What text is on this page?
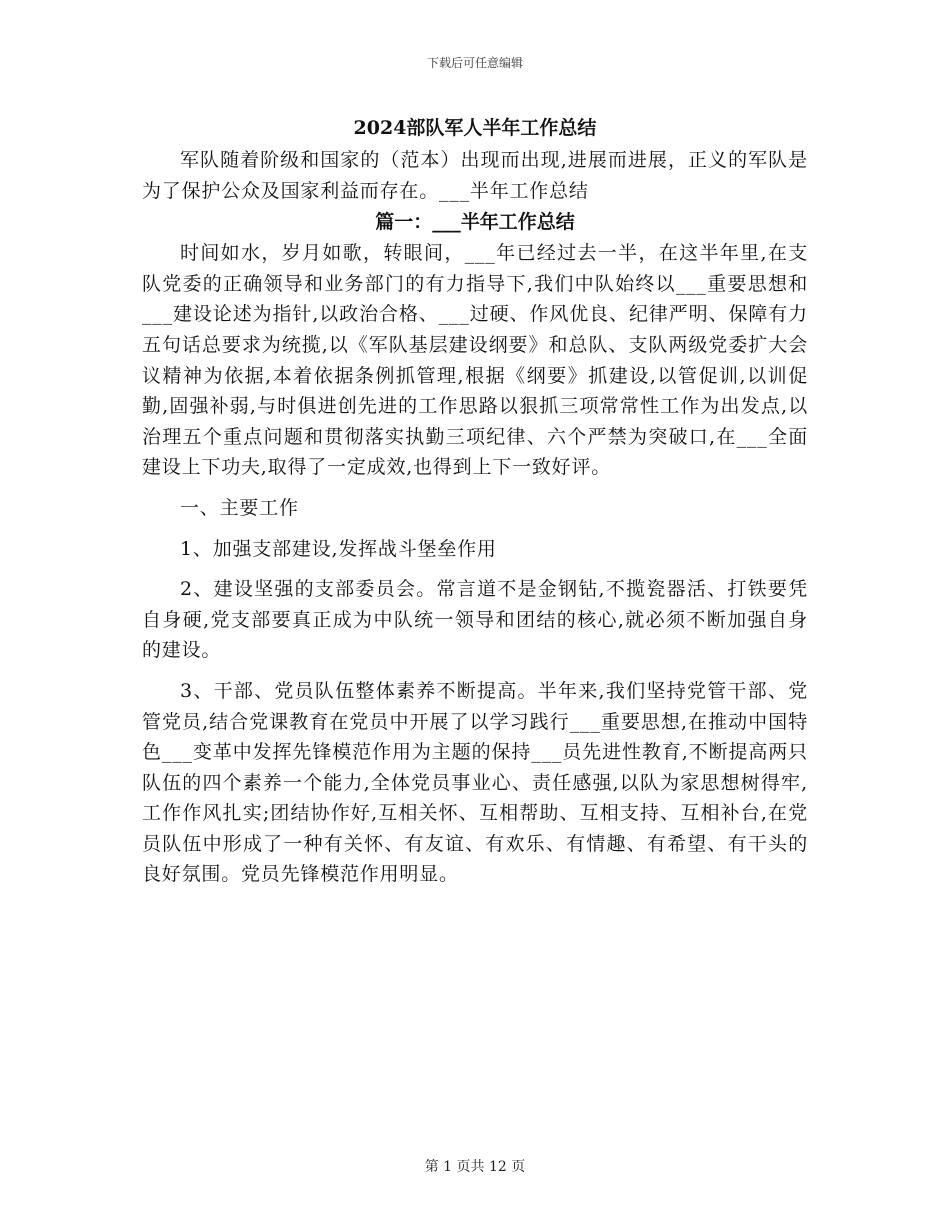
下载后可任意编辑

2024部队军人半年工作总结

军队随着阶级和国家的（范本）出现而出现,进展而进展，正义的军队是为了保护公众及国家利益而存在。___半年工作总结

篇一：___半年工作总结

时间如水，岁月如歌，转眼间，___年已经过去一半，在这半年里,在支队党委的正确领导和业务部门的有力指导下,我们中队始终以___重要思想和___建设论述为指针,以政治合格、___过硬、作风优良、纪律严明、保障有力五句话总要求为统揽,以《军队基层建设纲要》和总队、支队两级党委扩大会议精神为依据,本着依据条例抓管理,根据《纲要》抓建设,以管促训,以训促勤,固强补弱,与时俱进创先进的工作思路以狠抓三项常常性工作为出发点,以治理五个重点问题和贯彻落实执勤三项纪律、六个严禁为突破口,在___全面建设上下功夫,取得了一定成效,也得到上下一致好评。

一、主要工作

1、加强支部建设,发挥战斗堡垒作用

2、建设坚强的支部委员会。常言道不是金钢钻,不揽瓷器活、打铁要凭自身硬,党支部要真正成为中队统一领导和团结的核心,就必须不断加强自身的建设。

3、干部、党员队伍整体素养不断提高。半年来,我们坚持党管干部、党管党员,结合党课教育在党员中开展了以学习践行___重要思想,在推动中国特色___变革中发挥先锋模范作用为主题的保持___员先进性教育,不断提高两只队伍的四个素养一个能力,全体党员事业心、责任感强,以队为家思想树得牢,工作作风扎实;团结协作好,互相关怀、互相帮助、互相支持、互相补台,在党员队伍中形成了一种有关怀、有友谊、有欢乐、有情趣、有希望、有干头的良好氛围。党员先锋模范作用明显。

第 1 页共 12 页
